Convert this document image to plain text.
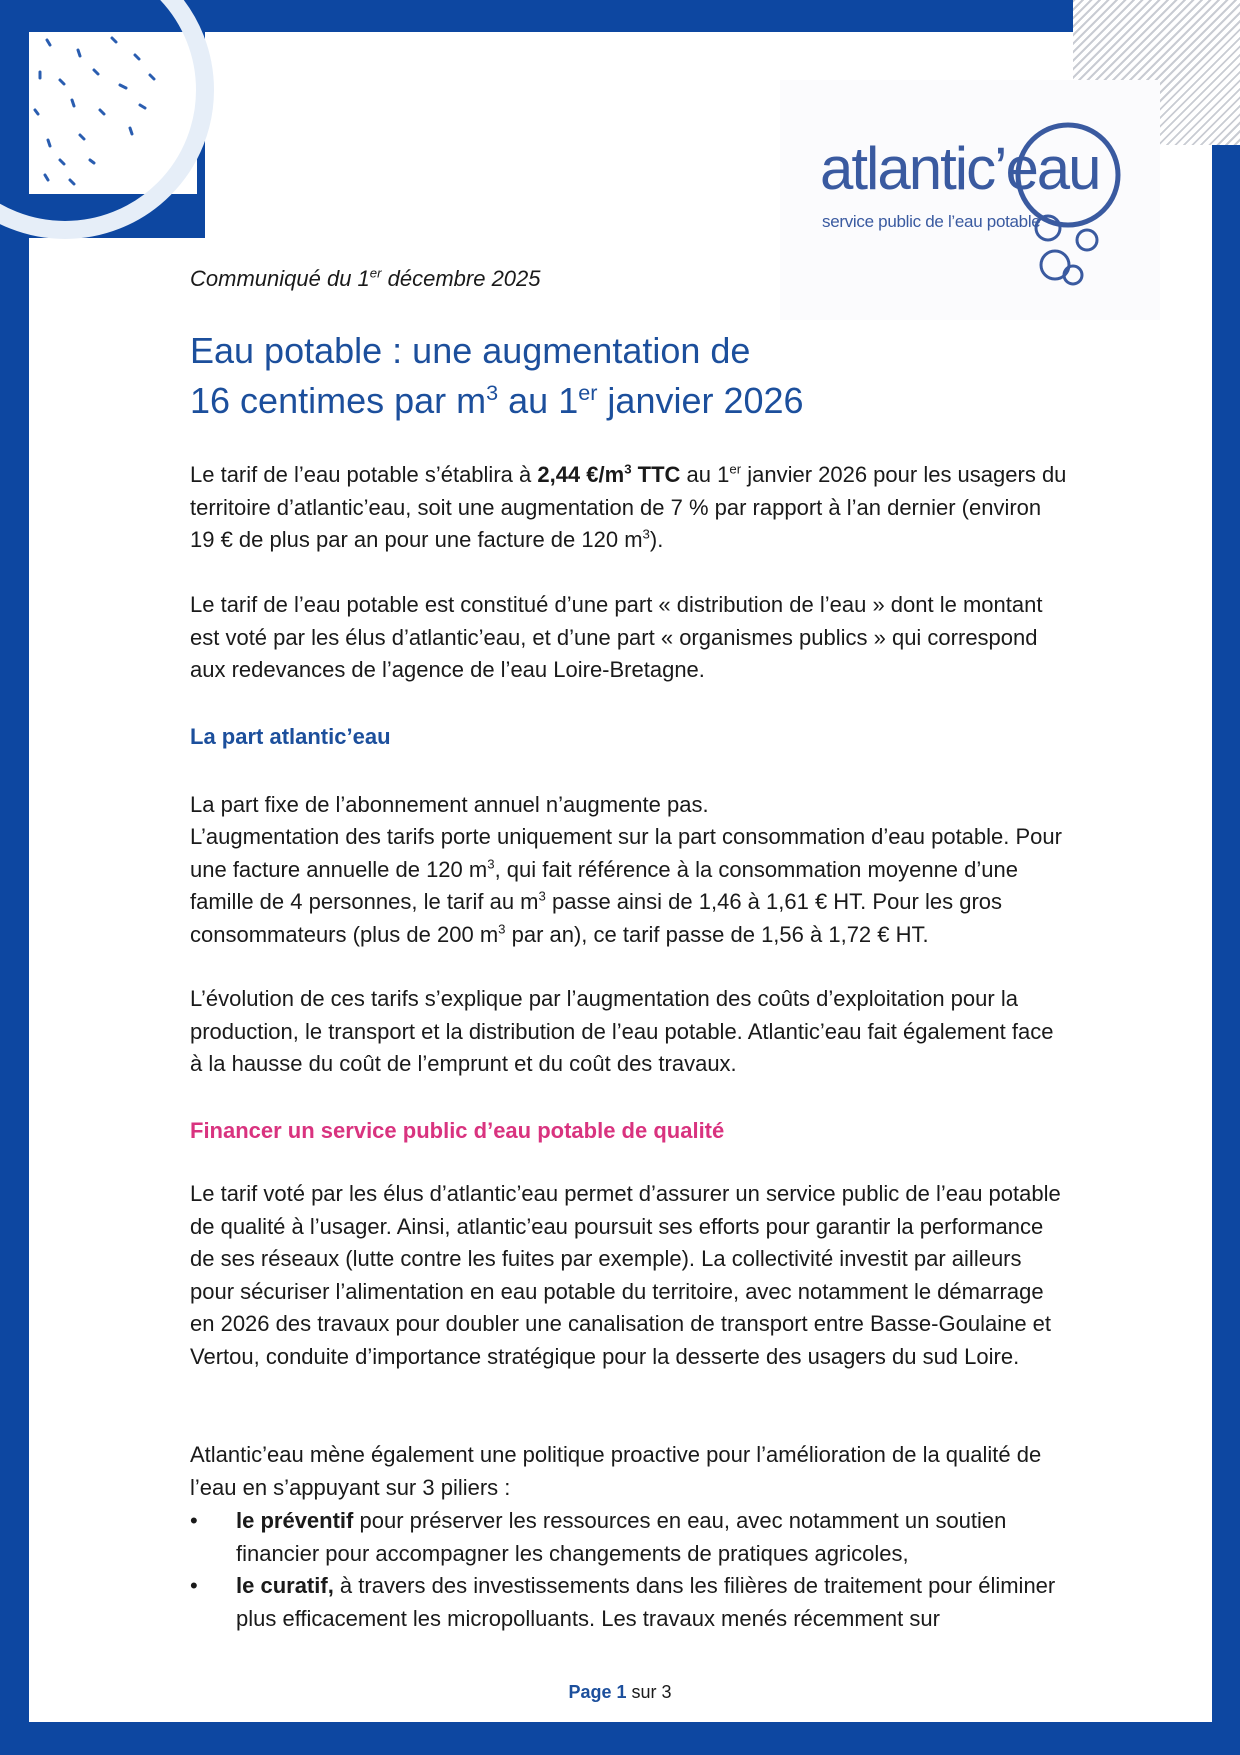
atlantic’eau
service public de l’eau potable
Communiqué du 1er décembre 2025
Eau potable : une augmentation de
16 centimes par $m^3$ au 1er janvier 2026

Le tarif de l’eau potable s’établira à 2,44 $€/m^3$ TTC au 1er janvier 2026 pour les usagers du territoire d’atlantic’eau, soit une augmentation de 7 % par rapport à l’an dernier (environ 19 € de plus par an pour une facture de 120 $m^3$).

Le tarif de l’eau potable est constitué d’une part « distribution de l’eau » dont le montant est voté par les élus d’atlantic’eau, et d’une part « organismes publics » qui correspond aux redevances de l’agence de l’eau Loire-Bretagne.

La part atlantic’eau

La part fixe de l’abonnement annuel n’augmente pas.

L’augmentation des tarifs porte uniquement sur la part consommation d’eau potable. Pour une facture annuelle de 120 $m^3$, qui fait référence à la consommation moyenne d’une famille de 4 personnes, le tarif au $m^3$ passe ainsi de 1,46 à 1,61 € HT. Pour les gros consommateurs (plus de 200 $m^3$ par an), ce tarif passe de 1,56 à 1,72 € HT.

L’évolution de ces tarifs s’explique par l’augmentation des coûts d’exploitation pour la production, le transport et la distribution de l’eau potable. Atlantic’eau fait également face à la hausse du coût de l’emprunt et du coût des travaux.

Financer un service public d’eau potable de qualité

Le tarif voté par les élus d’atlantic’eau permet d’assurer un service public de l’eau potable de qualité à l’usager. Ainsi, atlantic’eau poursuit ses efforts pour garantir la performance de ses réseaux (lutte contre les fuites par exemple). La collectivité investit par ailleurs pour sécuriser l’alimentation en eau potable du territoire, avec notamment le démarrage en 2026 des travaux pour doubler une canalisation de transport entre Basse-Goulaine et Vertou, conduite d’importance stratégique pour la desserte des usagers du sud Loire.

Atlantic’eau mène également une politique proactive pour l’amélioration de la qualité de l’eau en s’appuyant sur 3 piliers :

• le préventif pour préserver les ressources en eau, avec notamment un soutien financier pour accompagner les changements de pratiques agricoles,
• le curatif, à travers des investissements dans les filières de traitement pour éliminer plus efficacement les micropolluants. Les travaux menés récemment sur
Page 1 sur 3
